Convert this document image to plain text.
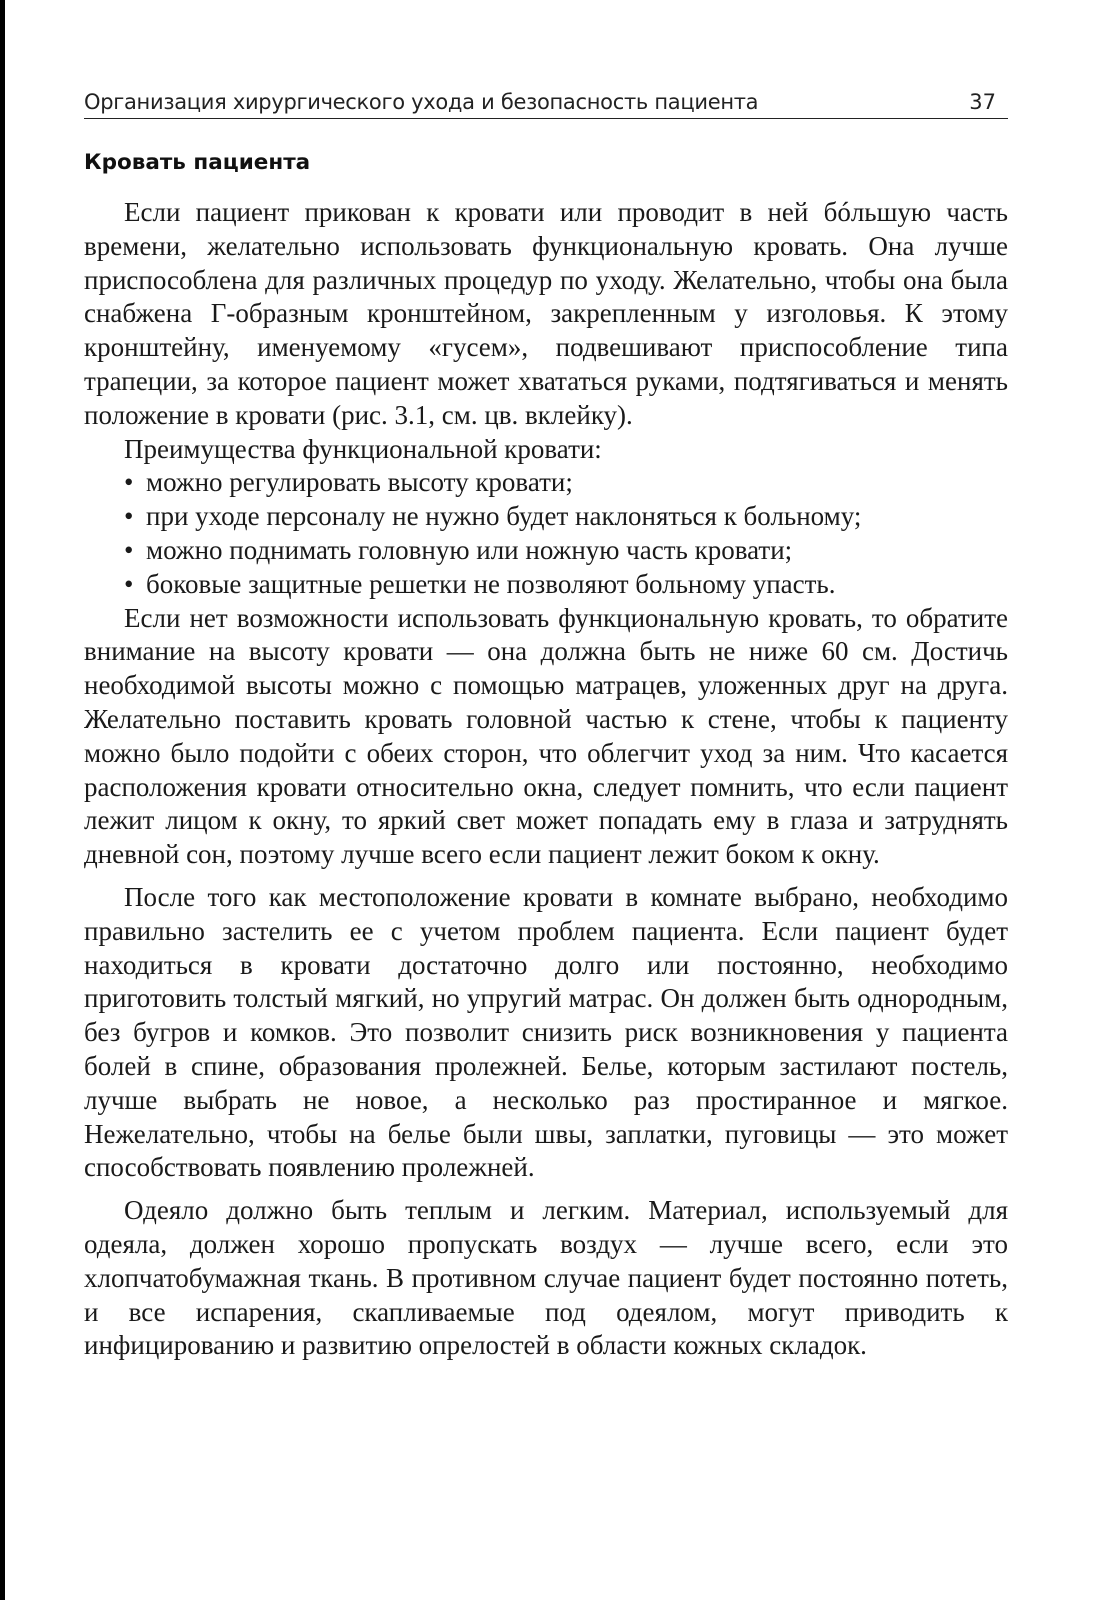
Организация хирургического ухода и безопасность пациента	37
Кровать пациента

Если пациент прикован к кровати или проводит в ней бóльшую часть времени, желательно использовать функциональную кровать. Она лучше приспособлена для различных процедур по уходу. Желательно, чтобы она была снабжена Г-образным кронштейном, закрепленным у изголовья. К этому кронштейну, именуемому «гусем», подвешивают приспособление типа трапеции, за которое пациент может хвататься руками, подтягиваться и менять положение в кровати (рис. 3.1, см. цв. вклейку).

Преимущества функциональной кровати:

• можно регулировать высоту кровати;
• при уходе персоналу не нужно будет наклоняться к больному;
• можно поднимать головную или ножную часть кровати;
• боковые защитные решетки не позволяют больному упасть.

Если нет возможности использовать функциональную кровать, то обратите внимание на высоту кровати — она должна быть не ниже 60 см. Достичь необходимой высоты можно с помощью матрацев, уложенных друг на друга. Желательно поставить кровать головной частью к стене, чтобы к пациенту можно было подойти с обеих сторон, что облегчит уход за ним. Что касается расположения кровати относительно окна, следует помнить, что если пациент лежит лицом к окну, то яркий свет может попадать ему в глаза и затруднять дневной сон, поэтому лучше всего если пациент лежит боком к окну.

После того как местоположение кровати в комнате выбрано, необходимо правильно застелить ее с учетом проблем пациента. Если пациент будет находиться в кровати достаточно долго или постоянно, необходимо приготовить толстый мягкий, но упругий матрас. Он должен быть однородным, без бугров и комков. Это позволит снизить риск возникновения у пациента болей в спине, образования пролежней. Белье, которым застилают постель, лучше выбрать не новое, а несколько раз простиранное и мягкое. Нежелательно, чтобы на белье были швы, заплатки, пуговицы — это может способствовать появлению пролежней.

Одеяло должно быть теплым и легким. Материал, используемый для одеяла, должен хорошо пропускать воздух — лучше всего, если это хлопчатобумажная ткань. В противном случае пациент будет постоянно потеть, и все испарения, скапливаемые под одеялом, могут приводить к инфицированию и развитию опрелостей в области кожных складок.
